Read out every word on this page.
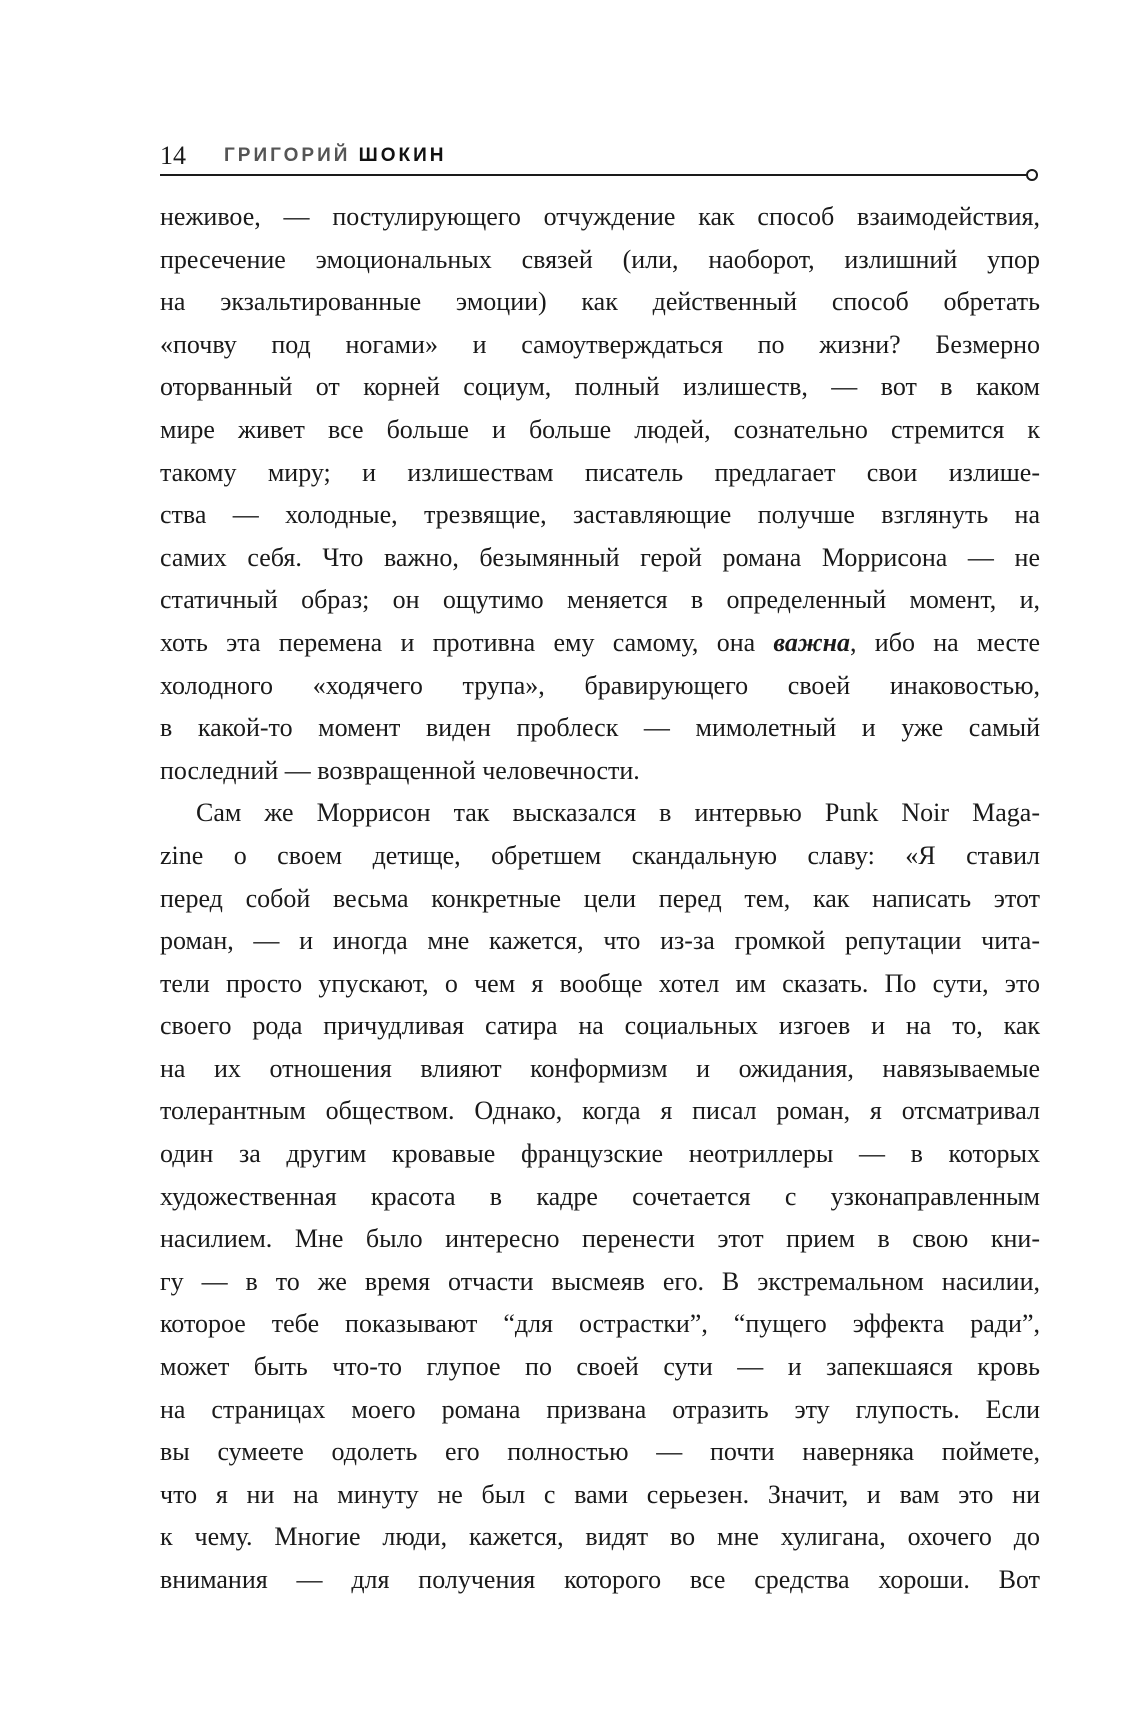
14 ГРИГОРИЙ ШОКИН
неживое, — постулирующего отчуждение как способ взаимодействия,
пресечение эмоциональных связей (или, наоборот, излишний упор
на экзальтированные эмоции) как действенный способ обретать
«почву под ногами» и самоутверждаться по жизни? Безмерно
оторванный от корней социум, полный излишеств, — вот в каком
мире живет все больше и больше людей, сознательно стремится к
такому миру; и излишествам писатель предлагает свои излише-
ства — холодные, трезвящие, заставляющие получше взглянуть на
самих себя. Что важно, безымянный герой романа Моррисона — не
статичный образ; он ощутимо меняется в определенный момент, и,
хоть эта перемена и противна ему самому, она важна, ибо на месте
холодного «ходячего трупа», бравирующего своей инаковостью,
в какой-то момент виден проблеск — мимолетный и уже самый
последний — возвращенной человечности.
Сам же Моррисон так высказался в интервью Punk Noir Maga-
zine о своем детище, обретшем скандальную славу: «Я ставил
перед собой весьма конкретные цели перед тем, как написать этот
роман, — и иногда мне кажется, что из-за громкой репутации чита-
тели просто упускают, о чем я вообще хотел им сказать. По сути, это
своего рода причудливая сатира на социальных изгоев и на то, как
на их отношения влияют конформизм и ожидания, навязываемые
толерантным обществом. Однако, когда я писал роман, я отсматривал
один за другим кровавые французские неотриллеры — в которых
художественная красота в кадре сочетается с узконаправленным
насилием. Мне было интересно перенести этот прием в свою кни-
гу — в то же время отчасти высмеяв его. В экстремальном насилии,
которое тебе показывают “для острастки”, “пущего эффекта ради”,
может быть что-то глупое по своей сути — и запекшаяся кровь
на страницах моего романа призвана отразить эту глупость. Если
вы сумеете одолеть его полностью — почти наверняка поймете,
что я ни на минуту не был с вами серьезен. Значит, и вам это ни
к чему. Многие люди, кажется, видят во мне хулигана, охочего до
внимания — для получения которого все средства хороши. Вот
